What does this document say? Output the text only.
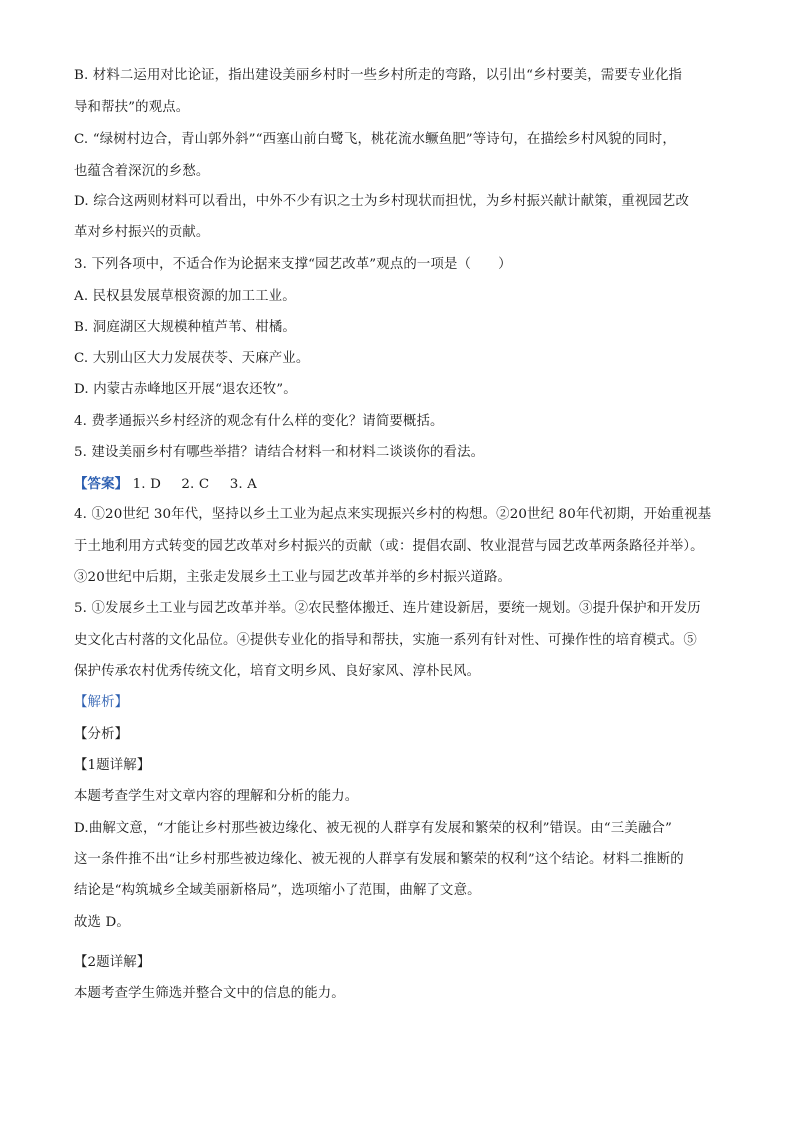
B. 材料二运用对比论证，指出建设美丽乡村时一些乡村所走的弯路，以引出“乡村要美，需要专业化指
导和帮扶”的观点。
C. “绿树村边合，青山郭外斜”“西塞山前白鹭飞，桃花流水鳜鱼肥”等诗句，在描绘乡村风貌的同时，
也蕴含着深沉的乡愁。
D. 综合这两则材料可以看出，中外不少有识之士为乡村现状而担忧，为乡村振兴献计献策，重视园艺改
革对乡村振兴的贡献。
3. 下列各项中，不适合作为论据来支撑“园艺改革”观点的一项是（　　）
A. 民权县发展草根资源的加工工业。
B. 洞庭湖区大规模种植芦苇、柑橘。
C. 大别山区大力发展茯苓、天麻产业。
D. 内蒙古赤峰地区开展“退农还牧”。
4. 费孝通振兴乡村经济的观念有什么样的变化？请简要概括。
5. 建设美丽乡村有哪些举措？请结合材料一和材料二谈谈你的看法。
【答案】 1. D 2. C 3. A
4. ①20世纪 30年代，坚持以乡土工业为起点来实现振兴乡村的构想。②20世纪 80年代初期，开始重视基
于土地利用方式转变的园艺改革对乡村振兴的贡献（或：提倡农副、牧业混营与园艺改革两条路径并举）。
③20世纪中后期，主张走发展乡土工业与园艺改革并举的乡村振兴道路。
5. ①发展乡土工业与园艺改革并举。②农民整体搬迁、连片建设新居，要统一规划。③提升保护和开发历
史文化古村落的文化品位。④提供专业化的指导和帮扶，实施一系列有针对性、可操作性的培育模式。⑤
保护传承农村优秀传统文化，培育文明乡风、良好家风、淳朴民风。
【解析】
【分析】
【1题详解】
本题考查学生对文章内容的理解和分析的能力。
D.曲解文意，“才能让乡村那些被边缘化、被无视的人群享有发展和繁荣的权利”错误。由“三美融合”
这一条件推不出“让乡村那些被边缘化、被无视的人群享有发展和繁荣的权利”这个结论。材料二推断的
结论是“构筑城乡全域美丽新格局”，选项缩小了范围，曲解了文意。
故选 D。
【2题详解】
本题考查学生筛选并整合文中的信息的能力。
